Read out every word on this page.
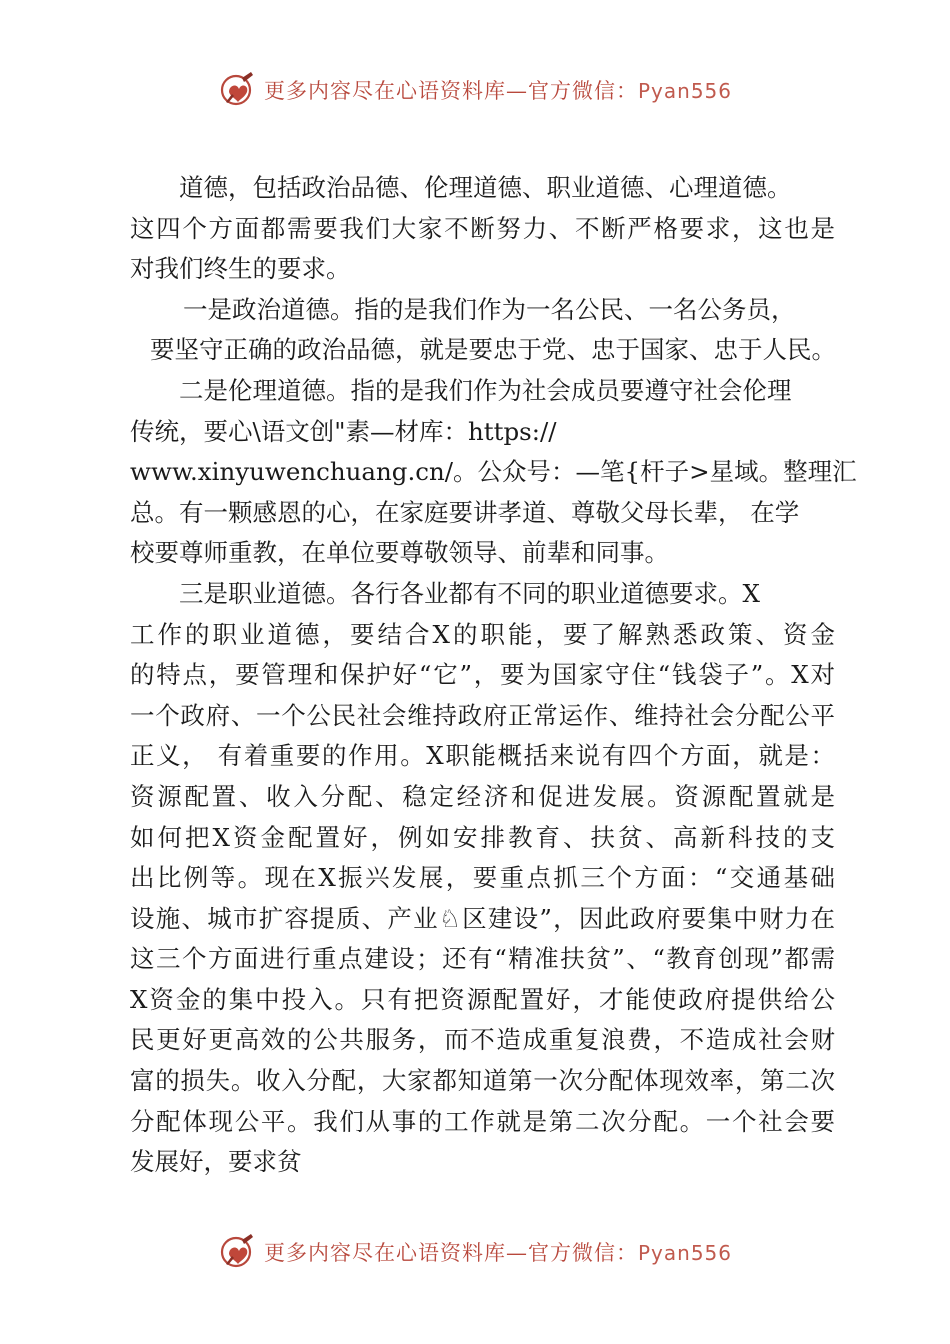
更多内容尽在心语资料库—官方微信：Pyan556
道德，包括政治品德、伦理道德、职业道德、心理道德。
这四个方面都需要我们大家不断努力、不断严格要求，这也是
对我们终生的要求。
一是政治道德。指的是我们作为一名公民、一名公务员，
要坚守正确的政治品德，就是要忠于党、忠于国家、忠于人民。
二是伦理道德。指的是我们作为社会成员要遵守社会伦理
传统，要心\语文创"素—材库：https://
www.xinyuwenchuang.cn/。公众号：—笔{杆子>星域。整理汇
总。有一颗感恩的心，在家庭要讲孝道、尊敬父母长辈， 在学
校要尊师重教，在单位要尊敬领导、前辈和同事。
三是职业道德。各行各业都有不同的职业道德要求。X
工作的职业道德，要结合X的职能，要了解熟悉政策、资金
的特点，要管理和保护好“它”，要为国家守住“钱袋子”。X对
一个政府、一个公民社会维持政府正常运作、维持社会分配公平
正义， 有着重要的作用。X职能概括来说有四个方面，就是：
资源配置、收入分配、稳定经济和促进发展。资源配置就是
如何把X资金配置好，例如安排教育、扶贫、高新科技的支
出比例等。现在X振兴发展，要重点抓三个方面：“交通基础
设施、城市扩容提质、产业♘区建设”，因此政府要集中财力在
这三个方面进行重点建设；还有“精准扶贫”、“教育创现”都需
X资金的集中投入。只有把资源配置好，才能使政府提供给公
民更好更高效的公共服务，而不造成重复浪费，不造成社会财
富的损失。收入分配，大家都知道第一次分配体现效率，第二次
分配体现公平。我们从事的工作就是第二次分配。一个社会要
发展好，要求贫
更多内容尽在心语资料库—官方微信：Pyan556
